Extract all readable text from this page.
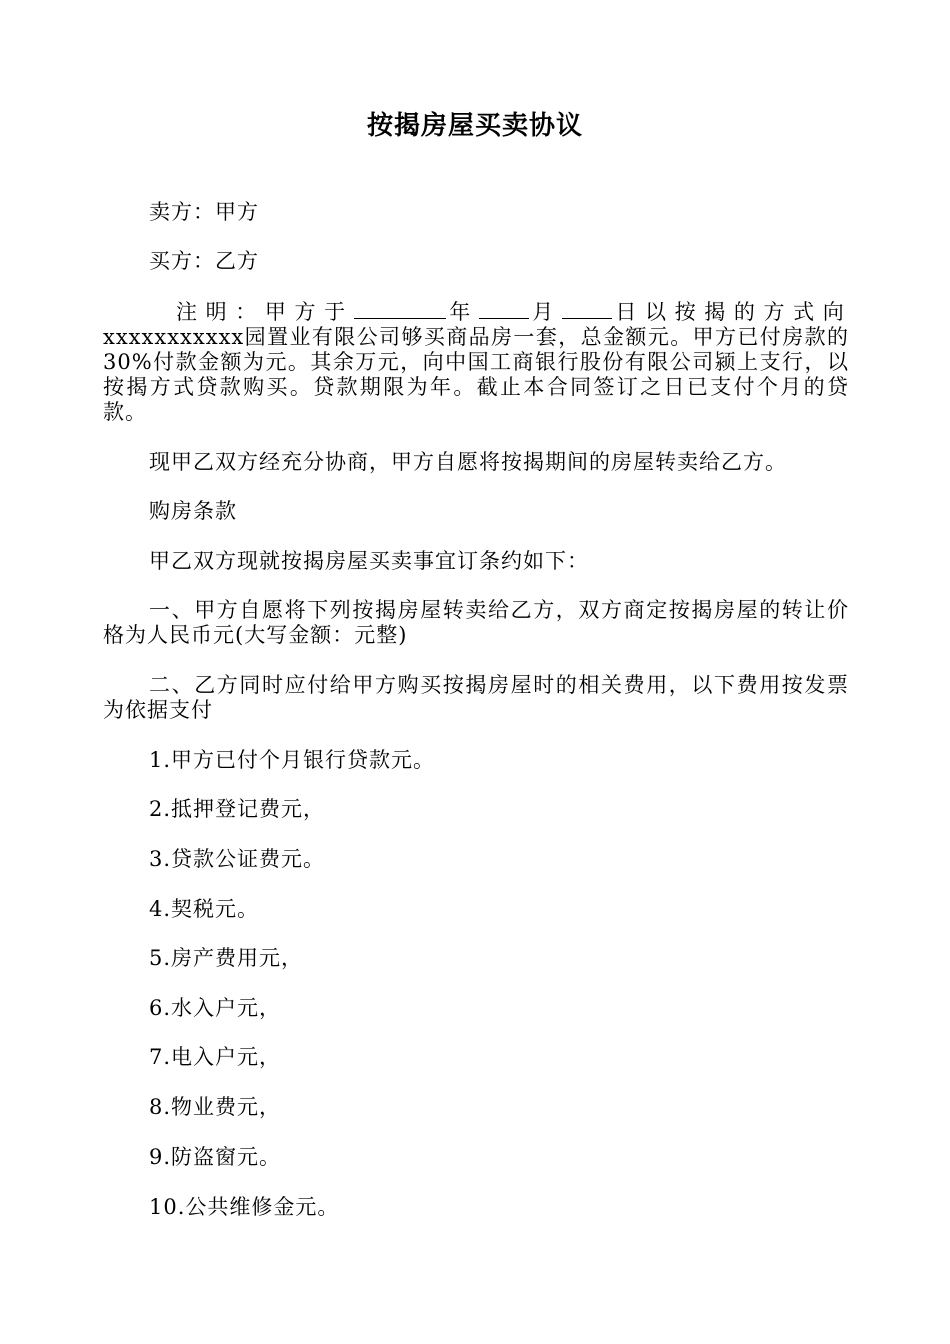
按揭房屋买卖协议

卖方：甲方

买方：乙方

注明：甲方于	年 月 日以按揭的方式向xxxxxxxxxxx园置业有限公司够买商品房一套，总金额元。甲方已付房款的30%付款金额为元。其余万元，向中国工商银行股份有限公司颍上支行，以按揭方式贷款购买。贷款期限为年。截止本合同签订之日已支付个月的贷款。

现甲乙双方经充分协商，甲方自愿将按揭期间的房屋转卖给乙方。

购房条款

甲乙双方现就按揭房屋买卖事宜订条约如下：

一、甲方自愿将下列按揭房屋转卖给乙方，双方商定按揭房屋的转让价格为人民币元(大写金额：元整)

二、乙方同时应付给甲方购买按揭房屋时的相关费用，以下费用按发票为依据支付

1.甲方已付个月银行贷款元。

2.抵押登记费元，

3.贷款公证费元。

4.契税元。

5.房产费用元，

6.水入户元，

7.电入户元，

8.物业费元，

9.防盗窗元。

10.公共维修金元。
